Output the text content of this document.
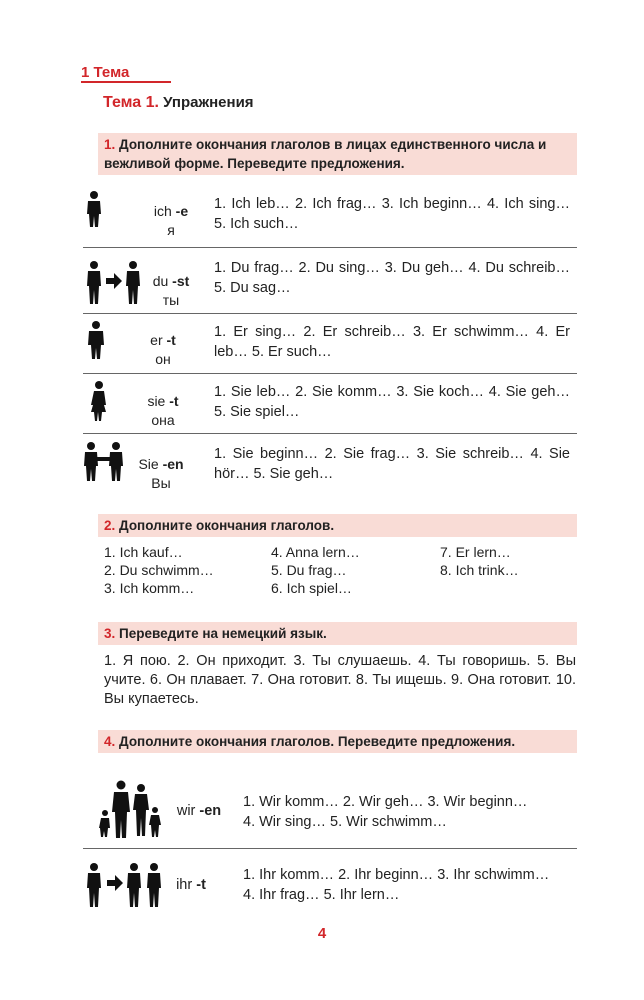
1 Тема
Тема 1. Упражнения
1. Дополните окончания глаголов в лицах единственного числа и вежливой форме. Переведите предложения.
ich -e
я
1. Ich leb… 2. Ich frag… 3. Ich beginn… 4. Ich sing… 5. Ich such…
du -st
ты
1. Du frag… 2. Du sing… 3. Du geh… 4. Du schreib… 5. Du sag…
er -t
он
1. Er sing… 2. Er schreib… 3. Er schwimm… 4. Er leb… 5. Er such…
sie -t
она
1. Sie leb… 2. Sie komm… 3. Sie koch… 4. Sie geh… 5. Sie spiel…
Sie -en
Вы
1. Sie beginn… 2. Sie frag… 3. Sie schreib… 4. Sie hör… 5. Sie geh…
2. Дополните окончания глаголов.
1. Ich kauf…
2. Du schwimm…
3. Ich komm…
4. Anna lern…
5. Du frag…
6. Ich spiel…
7. Er lern…
8. Ich trink…
3. Переведите на немецкий язык.
1. Я пою. 2. Он приходит. 3. Ты слушаешь. 4. Ты говоришь. 5. Вы учите. 6. Он плавает. 7. Она готовит. 8. Ты ищешь. 9. Она готовит. 10. Вы купаетесь.
4. Дополните окончания глаголов. Переведите предложения.
wir -en
1. Wir komm… 2. Wir geh… 3. Wir beginn…
4. Wir sing… 5. Wir schwimm…
ihr -t
1. Ihr komm… 2. Ihr beginn… 3. Ihr schwimm…
4. Ihr frag… 5. Ihr lern…
4
